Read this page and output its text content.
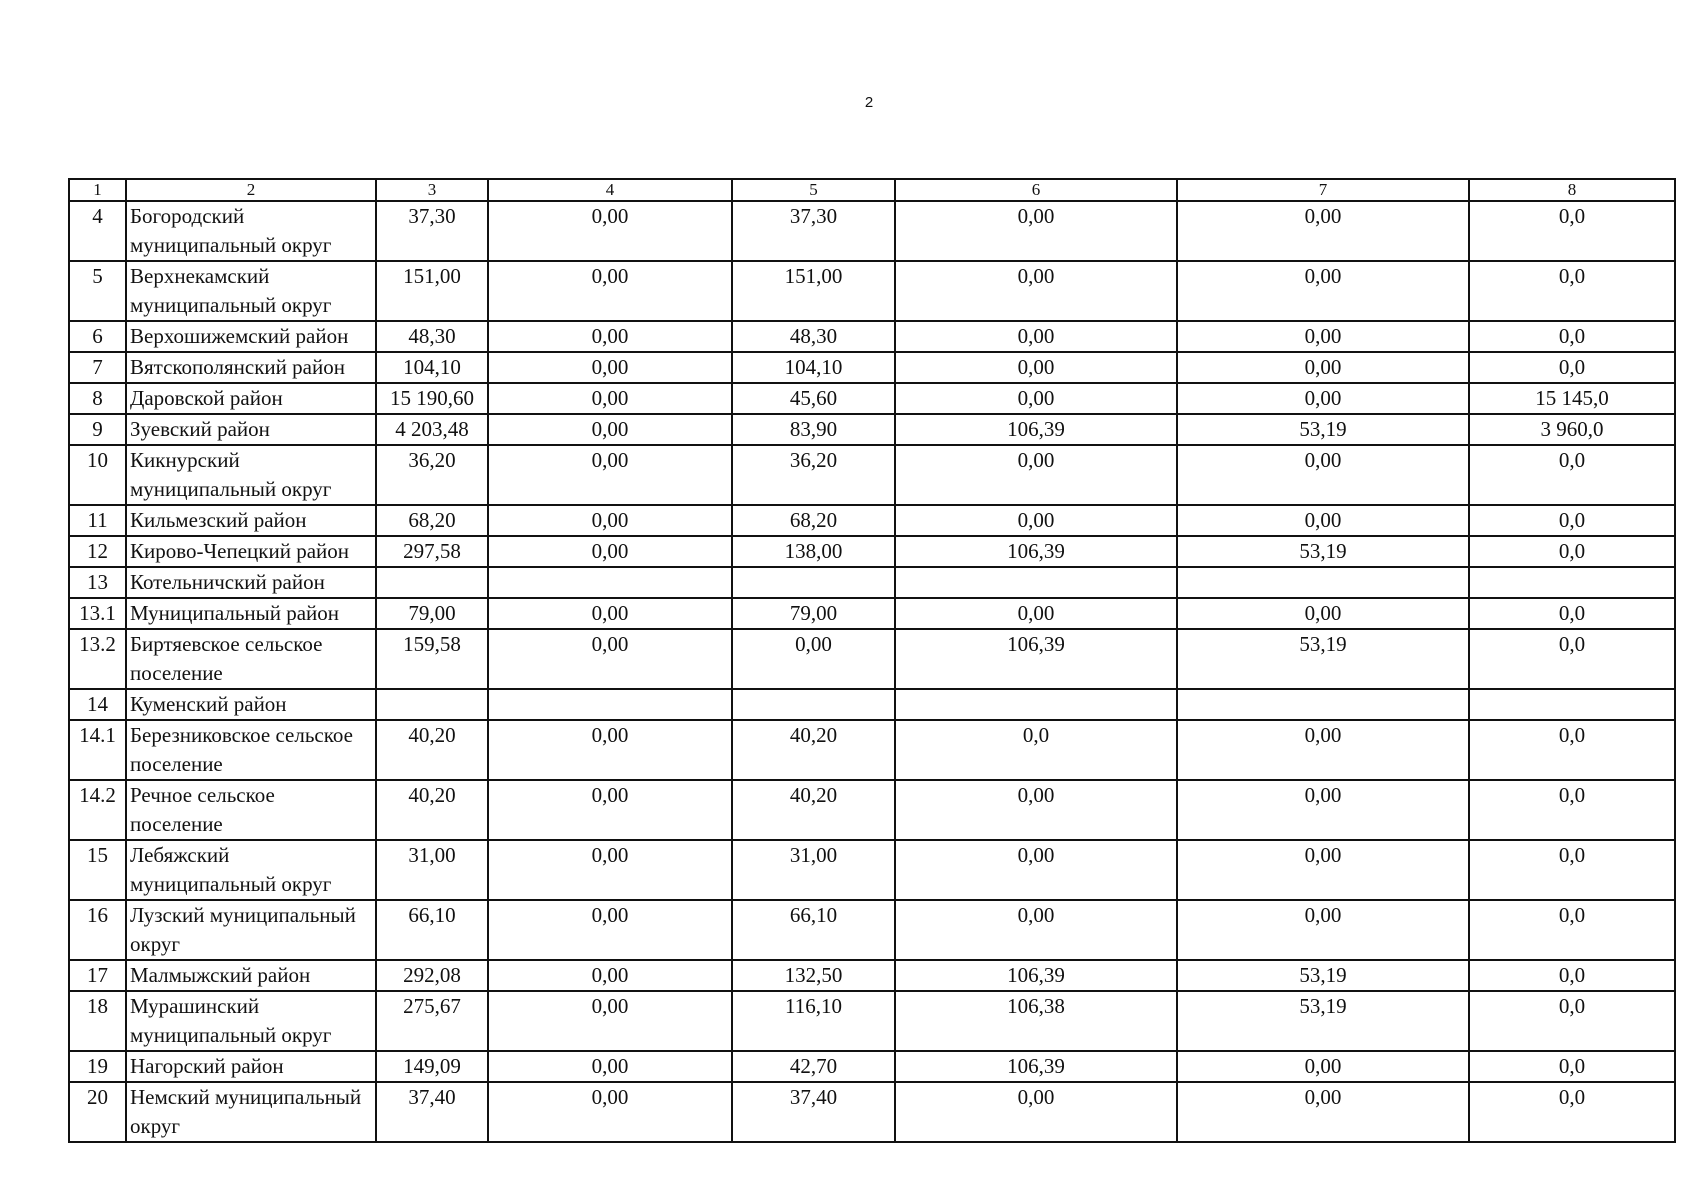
2
1	2	3	4	5	6	7	8
4	Богородский муниципальный округ	37,30	0,00	37,30	0,00	0,00	0,0
5	Верхнекамский муниципальный округ	151,00	0,00	151,00	0,00	0,00	0,0
6	Верхошижемский район	48,30	0,00	48,30	0,00	0,00	0,0
7	Вятскополянский район	104,10	0,00	104,10	0,00	0,00	0,0
8	Даровской район	15 190,60	0,00	45,60	0,00	0,00	15 145,0
9	Зуевский район	4 203,48	0,00	83,90	106,39	53,19	3 960,0
10	Кикнурский муниципальный округ	36,20	0,00	36,20	0,00	0,00	0,0
11	Кильмезский район	68,20	0,00	68,20	0,00	0,00	0,0
12	Кирово-Чепецкий район	297,58	0,00	138,00	106,39	53,19	0,0
13	Котельничский район						
13.1	Муниципальный район	79,00	0,00	79,00	0,00	0,00	0,0
13.2	Биртяевское сельское поселение	159,58	0,00	0,00	106,39	53,19	0,0
14	Куменский район						
14.1	Березниковское сельское поселение	40,20	0,00	40,20	0,0	0,00	0,0
14.2	Речное сельское поселение	40,20	0,00	40,20	0,00	0,00	0,0
15	Лебяжский муниципальный округ	31,00	0,00	31,00	0,00	0,00	0,0
16	Лузский муниципальный округ	66,10	0,00	66,10	0,00	0,00	0,0
17	Малмыжский район	292,08	0,00	132,50	106,39	53,19	0,0
18	Мурашинский муниципальный округ	275,67	0,00	116,10	106,38	53,19	0,0
19	Нагорский район	149,09	0,00	42,70	106,39	0,00	0,0
20	Немский муниципальный округ	37,40	0,00	37,40	0,00	0,00	0,0
